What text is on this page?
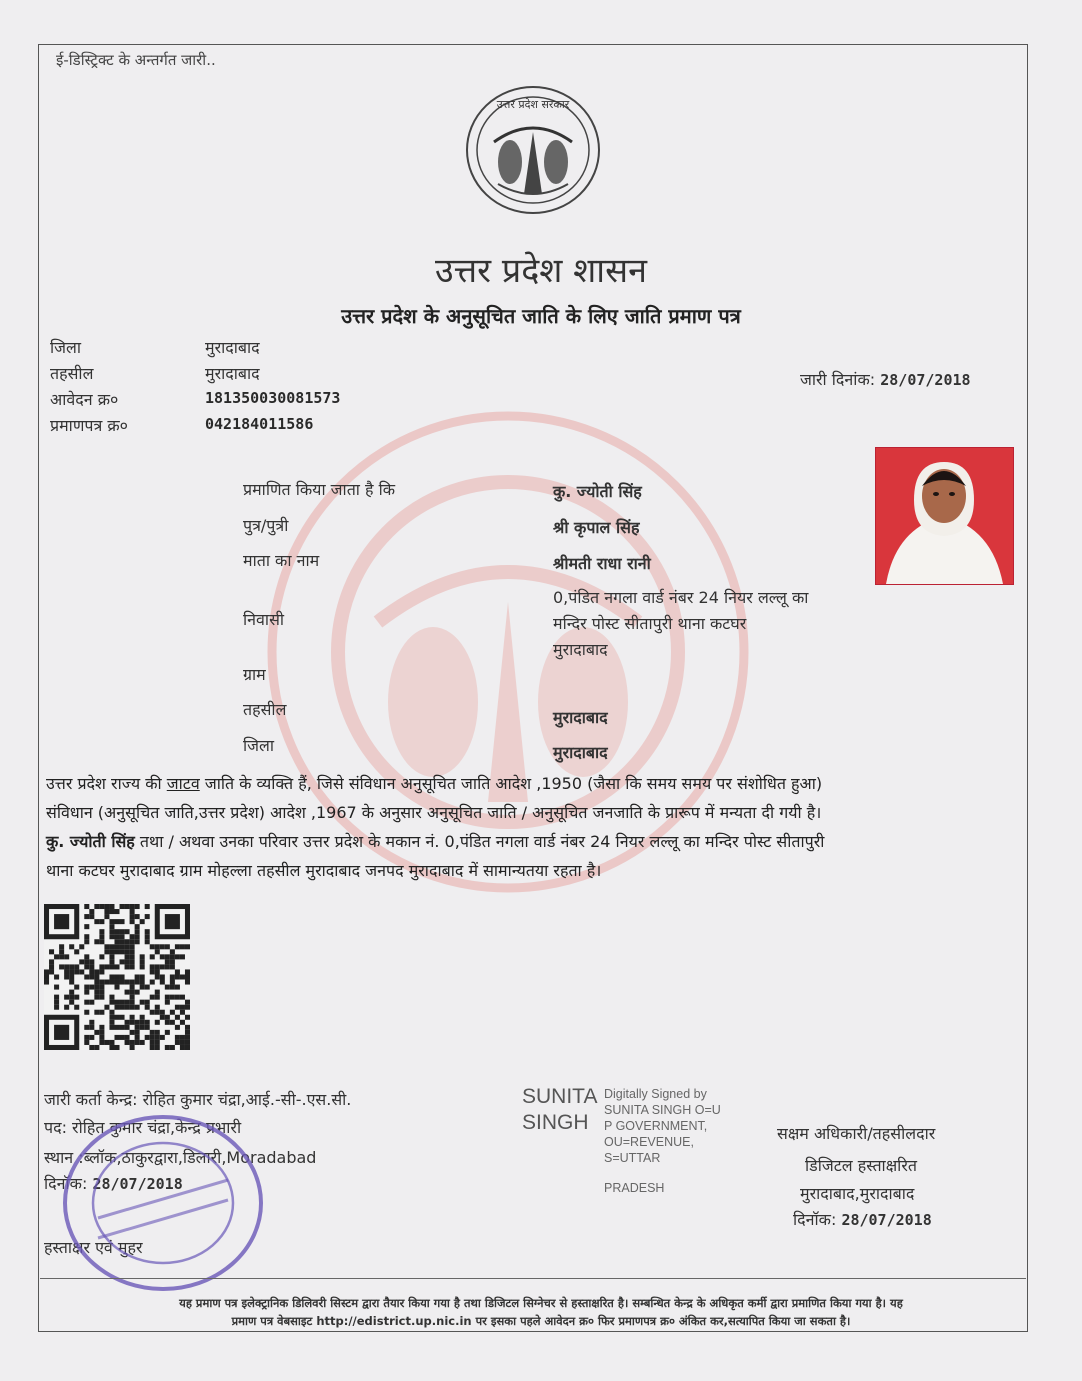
ई-डिस्ट्रिक्ट के अन्तर्गत जारी..
उत्तर प्रदेश सरकार
उत्तर प्रदेश शासन
उत्तर प्रदेश के अनुसूचित जाति के लिए जाति प्रमाण पत्र
जिला	मुरादाबाद
तहसील	मुरादाबाद
आवेदन क्र०	181350030081573
प्रमाणपत्र क्र०	042184011586
जारी दिनांक: 28/07/2018
प्रमाणित किया जाता है कि	कु. ज्योती सिंह
पुत्र/पुत्री	श्री कृपाल सिंह
माता का नाम	श्रीमती राधा रानी
0,पंडित नगला वार्ड नंबर 24 नियर लल्लू का
निवासी	मन्दिर पोस्ट सीतापुरी थाना कटघर
मुरादाबाद
ग्राम
तहसील	मुरादाबाद
जिला	मुरादाबाद
उत्तर प्रदेश राज्य की जाटव जाति के व्यक्ति हैं, जिसे संविधान अनुसूचित जाति आदेश ,1950 (जैसा कि समय समय पर संशोधित हुआ)
संविधान (अनुसूचित जाति,उत्तर प्रदेश) आदेश ,1967 के अनुसार अनुसूचित जाति / अनुसूचित जनजाति के प्रारूप में मन्यता दी गयी है।
कु. ज्योती सिंह तथा / अथवा उनका परिवार उत्तर प्रदेश के मकान नं. 0,पंडित नगला वार्ड नंबर 24 नियर लल्लू का मन्दिर पोस्ट सीतापुरी
थाना कटघर मुरादाबाद ग्राम मोहल्ला तहसील मुरादाबाद जनपद मुरादाबाद में सामान्यतया रहता है।
जारी कर्ता केन्द्र: रोहित कुमार चंद्रा,आई.-सी-.एस.सी.
पद: रोहित कुमार चंद्रा,केन्द्र प्रभारी
स्थान :ब्लॉक,ठाकुरद्वारा,डिलारी,Moradabad
दिनॉक: 28/07/2018
हस्ताक्षर एवं मुहर
SUNITA
SINGH
Digitally Signed by
SUNITA SINGH O=U
P GOVERNMENT,
OU=REVENUE,
S=UTTAR
PRADESH
सक्षम अधिकारी/तहसीलदार
डिजिटल हस्ताक्षरित
मुरादाबाद,मुरादाबाद
दिनॉक: 28/07/2018
यह प्रमाण पत्र इलेक्ट्रानिक डिलिवरी सिस्टम द्वारा तैयार किया गया है तथा डिजिटल सिग्नेचर से हस्ताक्षरित है। सम्बन्धित केन्द्र के अधिकृत कर्मी द्वारा प्रमाणित किया गया है। यह
प्रमाण पत्र वेबसाइट http://edistrict.up.nic.in पर इसका पहले आवेदन क्र० फिर प्रमाणपत्र क्र० अंकित कर,सत्यापित किया जा सकता है।
